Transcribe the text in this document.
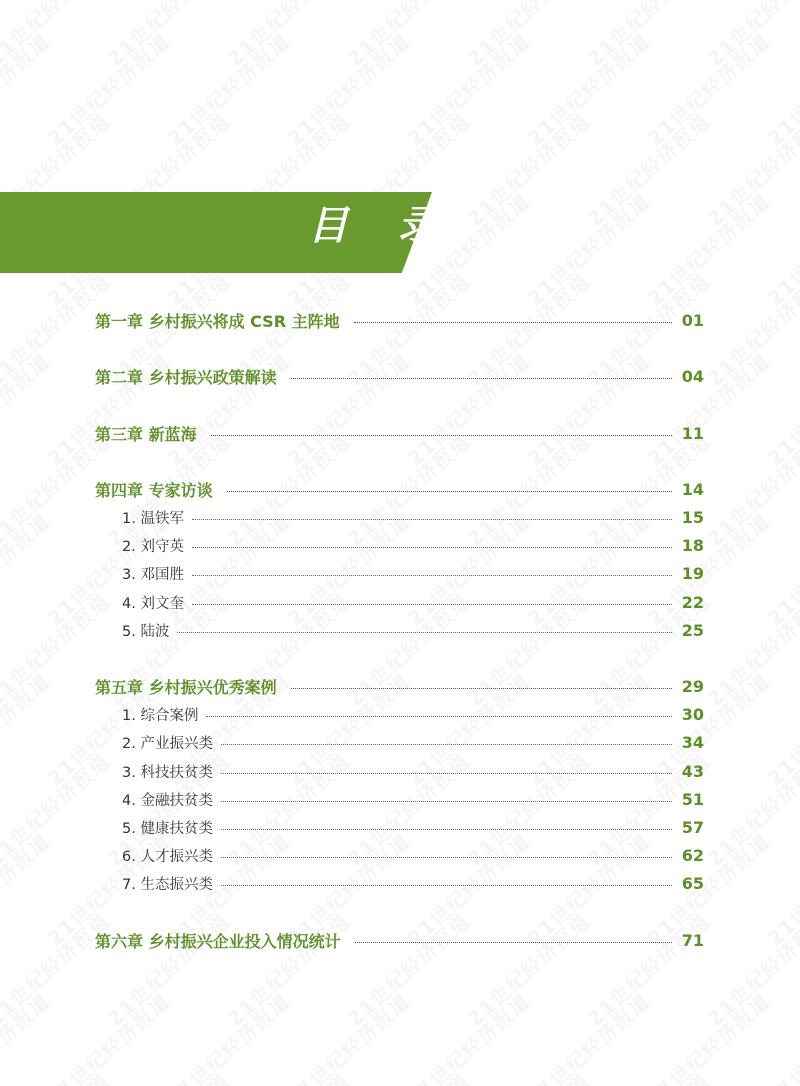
目 录
第一章 乡村振兴将成 CSR 主阵地	01
第二章 乡村振兴政策解读	04
第三章 新蓝海	11
第四章 专家访谈	14
1. 温铁军	15
2. 刘守英	18
3. 邓国胜	19
4. 刘文奎	22
5. 陆波	25
第五章 乡村振兴优秀案例	29
1. 综合案例	30
2. 产业振兴类	34
3. 科技扶贫类	43
4. 金融扶贫类	51
5. 健康扶贫类	57
6. 人才振兴类	62
7. 生态振兴类	65
第六章 乡村振兴企业投入情况统计	71
